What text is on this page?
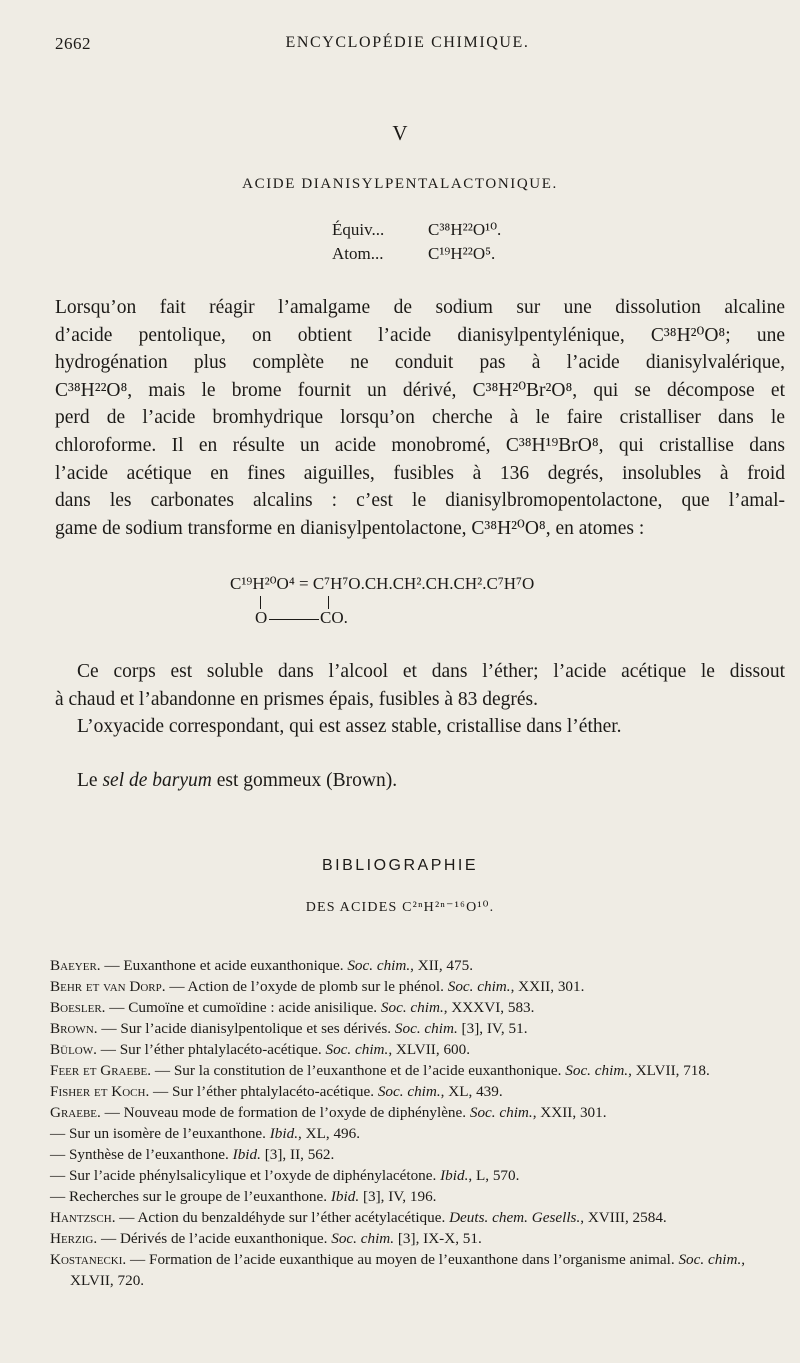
2662	ENCYCLOPÉDIE CHIMIQUE.
V
ACIDE DIANISYLPENTALACTONIQUE.
Équiv...	C³⁸H²²O¹⁰.
Atom...	C¹⁹H²²O⁵.
Lorsqu’on fait réagir l’amalgame de sodium sur une dissolution alcaline
d’acide pentolique, on obtient l’acide dianisylpentylénique, C³⁸H²⁰O⁸; une
hydrogénation plus complète ne conduit pas à l’acide dianisylvalérique,
C³⁸H²²O⁸, mais le brome fournit un dérivé, C³⁸H²⁰Br²O⁸, qui se décompose et
perd de l’acide bromhydrique lorsqu’on cherche à le faire cristalliser dans le
chloroforme. Il en résulte un acide monobromé, C³⁸H¹⁹BrO⁸, qui cristallise dans
l’acide acétique en fines aiguilles, fusibles à 136 degrés, insolubles à froid
dans les carbonates alcalins : c’est le dianisylbromopentolactone, que l’amal-
game de sodium transforme en dianisylpentolactone, C³⁸H²⁰O⁸, en atomes :
C¹⁹H²⁰O⁴ = C⁷H⁷O.CH.CH².CH.CH².C⁷H⁷O
O	CO.
Ce corps est soluble dans l’alcool et dans l’éther; l’acide acétique le dissout
à chaud et l’abandonne en prismes épais, fusibles à 83 degrés.
L’oxyacide correspondant, qui est assez stable, cristallise dans l’éther.
Le sel de baryum est gommeux (Brown).
BIBLIOGRAPHIE
DES ACIDES C²ⁿH²ⁿ⁻¹⁶O¹⁰.
Baeyer. — Euxanthone et acide euxanthonique. Soc. chim., XII, 475.
Behr et van Dorp. — Action de l’oxyde de plomb sur le phénol. Soc. chim., XXII, 301.
Boesler. — Cumoïne et cumoïdine : acide anisilique. Soc. chim., XXXVI, 583.
Brown. — Sur l’acide dianisylpentolique et ses dérivés. Soc. chim. [3], IV, 51.
Bülow. — Sur l’éther phtalylacéto-acétique. Soc. chim., XLVII, 600.
Feer et Graebe. — Sur la constitution de l’euxanthone et de l’acide euxanthonique. Soc. chim., XLVII, 718.
Fisher et Koch. — Sur l’éther phtalylacéto-acétique. Soc. chim., XL, 439.
Graebe. — Nouveau mode de formation de l’oxyde de diphénylène. Soc. chim., XXII, 301.
— Sur un isomère de l’euxanthone. Ibid., XL, 496.
— Synthèse de l’euxanthone. Ibid. [3], II, 562.
— Sur l’acide phénylsalicylique et l’oxyde de diphénylacétone. Ibid., L, 570.
— Recherches sur le groupe de l’euxanthone. Ibid. [3], IV, 196.
Hantzsch. — Action du benzaldéhyde sur l’éther acétylacétique. Deuts. chem. Gesells., XVIII, 2584.
Herzig. — Dérivés de l’acide euxanthonique. Soc. chim. [3], IX-X, 51.
Kostanecki. — Formation de l’acide euxanthique au moyen de l’euxanthone dans l’organisme animal. Soc. chim., XLVII, 720.
